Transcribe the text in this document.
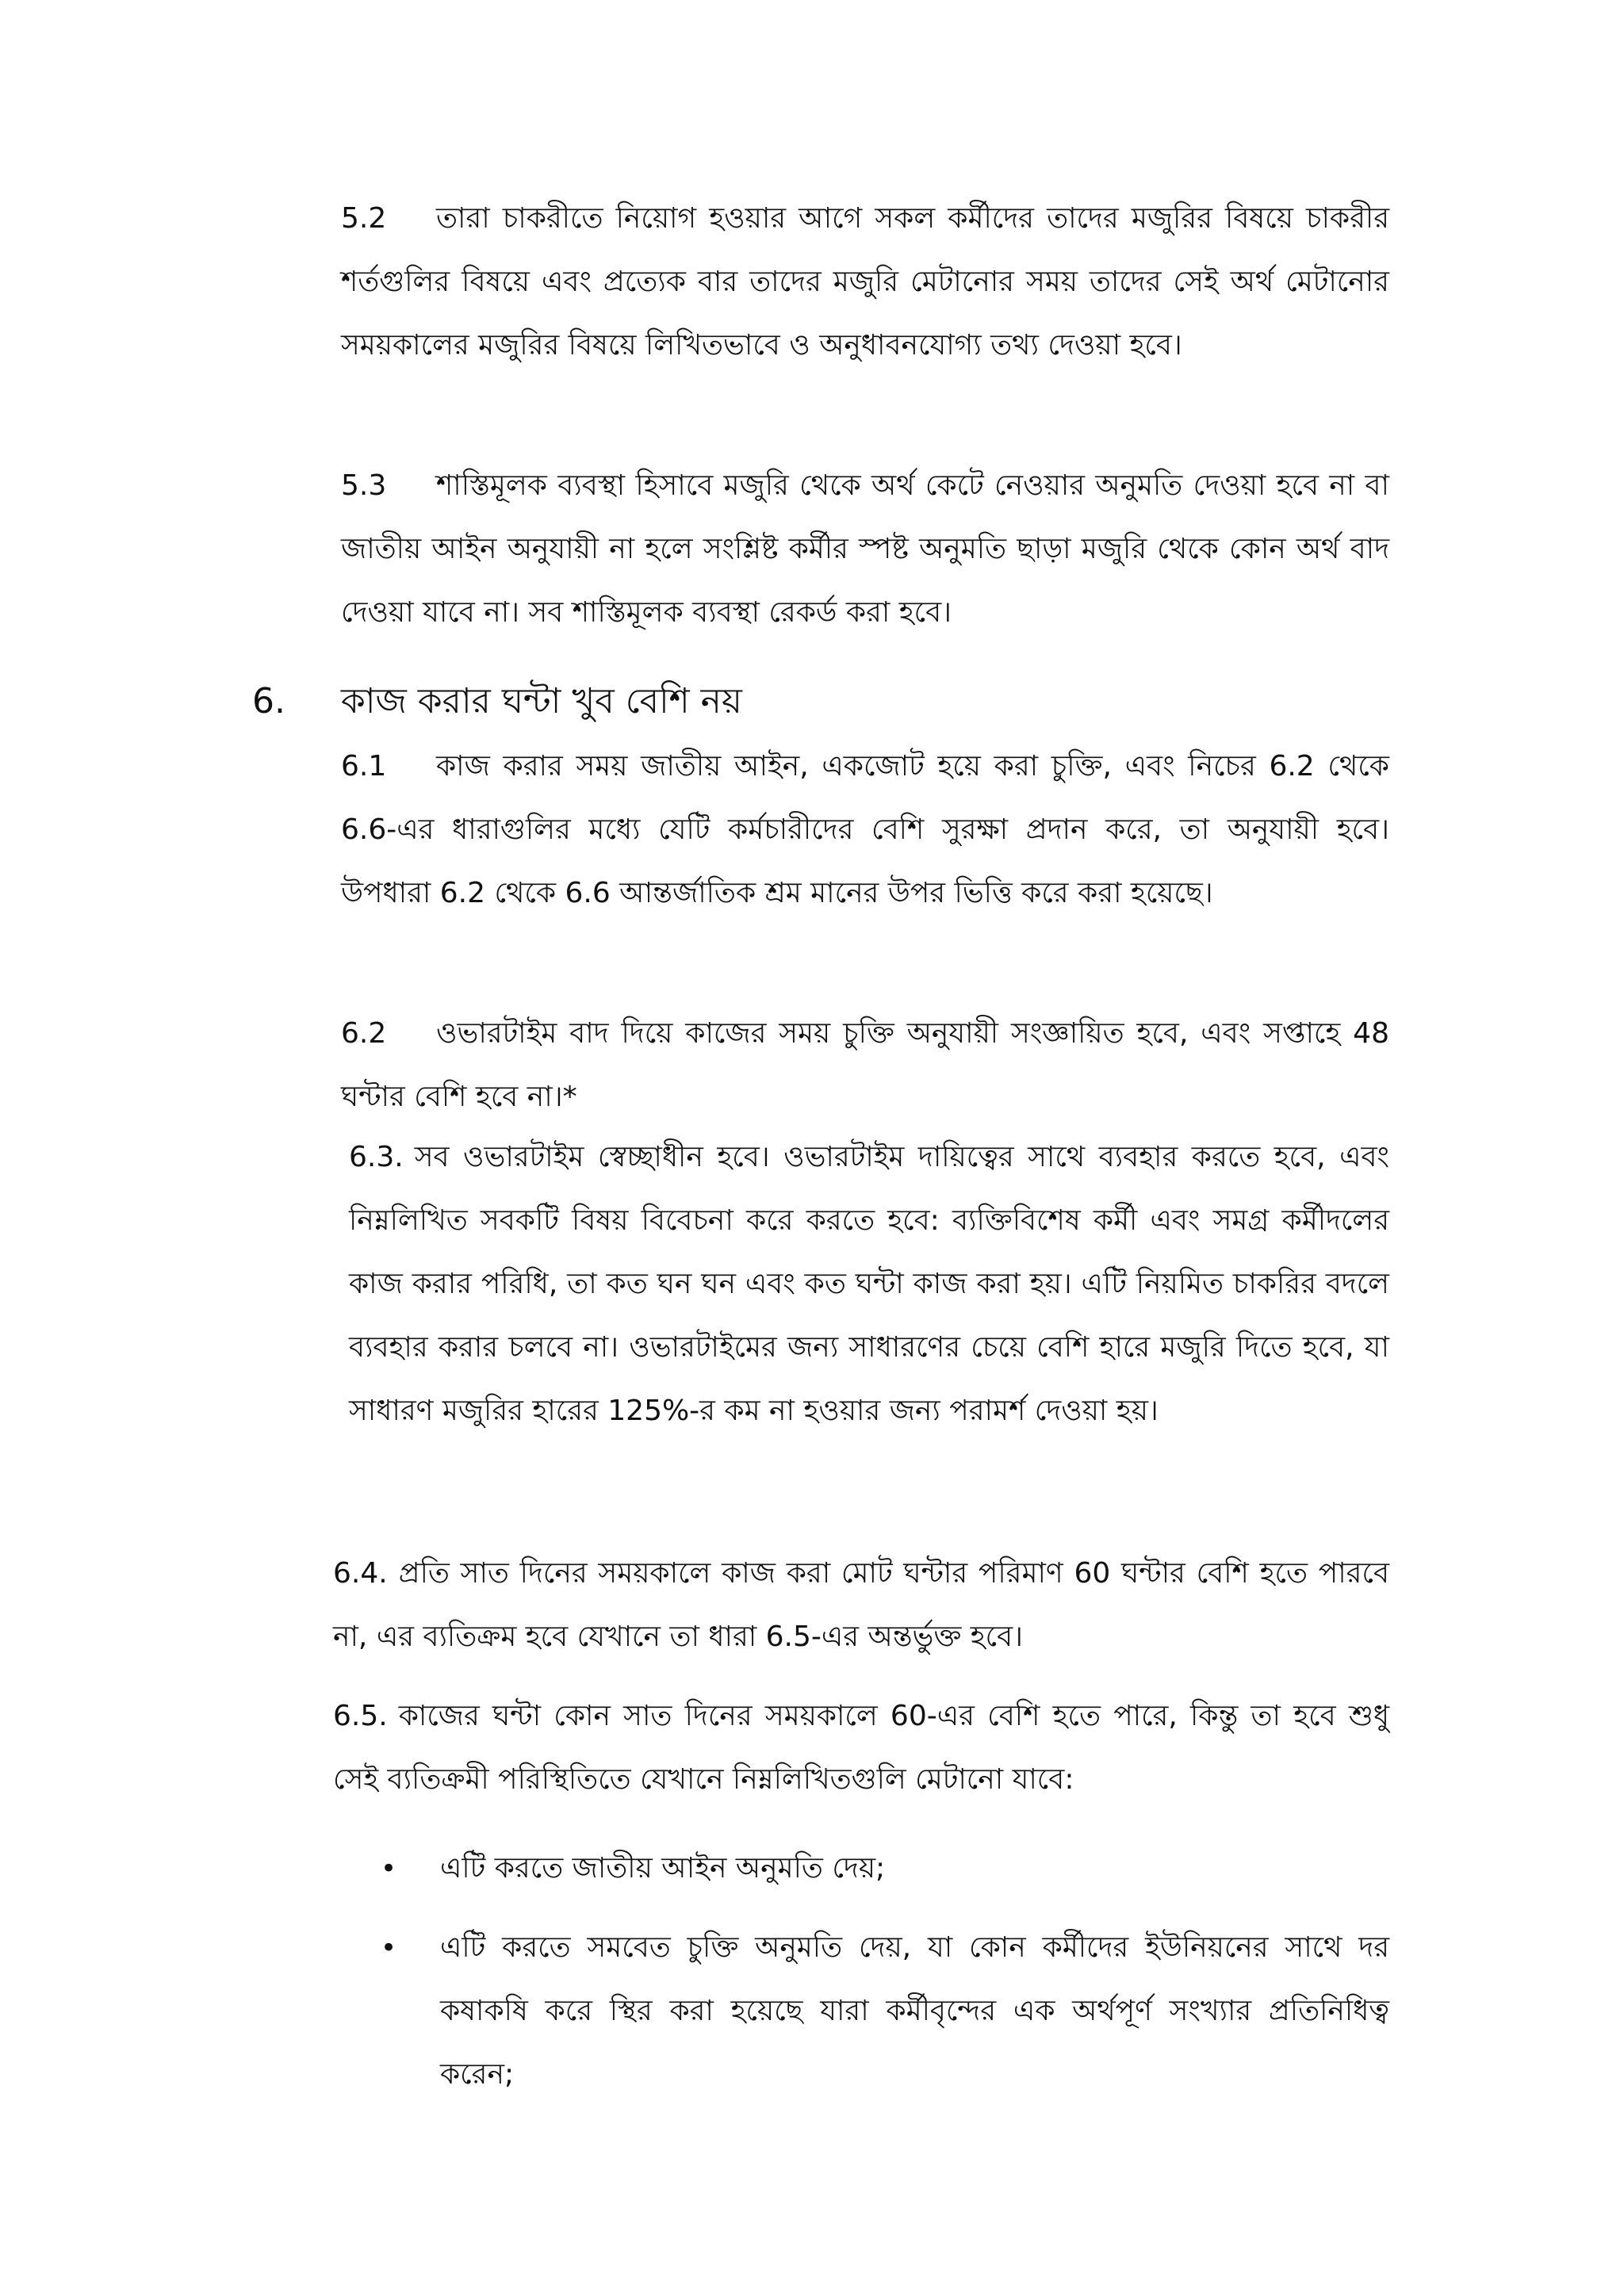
5.2 তারা চাকরীতে নিয়োগ হওয়ার আগে সকল কর্মীদের তাদের মজুরির বিষয়ে চাকরীর শর্তগুলির বিষয়ে এবং প্রত্যেক বার তাদের মজুরি মেটানোর সময় তাদের সেই অর্থ মেটানোর সময়কালের মজুরির বিষয়ে লিখিতভাবে ও অনুধাবনযোগ্য তথ্য দেওয়া হবে।
5.3 শাস্তিমূলক ব্যবস্থা হিসাবে মজুরি থেকে অর্থ কেটে নেওয়ার অনুমতি দেওয়া হবে না বা জাতীয় আইন অনুযায়ী না হলে সংশ্লিষ্ট কর্মীর স্পষ্ট অনুমতি ছাড়া মজুরি থেকে কোন অর্থ বাদ দেওয়া যাবে না। সব শাস্তিমূলক ব্যবস্থা রেকর্ড করা হবে।
6. কাজ করার ঘন্টা খুব বেশি নয়
6.1 কাজ করার সময় জাতীয় আইন, একজোট হয়ে করা চুক্তি, এবং নিচের 6.2 থেকে 6.6-এর ধারাগুলির মধ্যে যেটি কর্মচারীদের বেশি সুরক্ষা প্রদান করে, তা অনুযায়ী হবে। উপধারা 6.2 থেকে 6.6 আন্তর্জাতিক শ্রম মানের উপর ভিত্তি করে করা হয়েছে।
6.2 ওভারটাইম বাদ দিয়ে কাজের সময় চুক্তি অনুযায়ী সংজ্ঞায়িত হবে, এবং সপ্তাহে 48 ঘন্টার বেশি হবে না।*
6.3. সব ওভারটাইম স্বেচ্ছাধীন হবে। ওভারটাইম দায়িত্বের সাথে ব্যবহার করতে হবে, এবং নিম্নলিখিত সবকটি বিষয় বিবেচনা করে করতে হবে: ব্যক্তিবিশেষ কর্মী এবং সমগ্র কর্মীদলের কাজ করার পরিধি, তা কত ঘন ঘন এবং কত ঘন্টা কাজ করা হয়। এটি নিয়মিত চাকরির বদলে ব্যবহার করার চলবে না। ওভারটাইমের জন্য সাধারণের চেয়ে বেশি হারে মজুরি দিতে হবে, যা সাধারণ মজুরির হারের 125%-র কম না হওয়ার জন্য পরামর্শ দেওয়া হয়।
6.4. প্রতি সাত দিনের সময়কালে কাজ করা মোট ঘন্টার পরিমাণ 60 ঘন্টার বেশি হতে পারবে না, এর ব্যতিক্রম হবে যেখানে তা ধারা 6.5-এর অন্তর্ভুক্ত হবে।
6.5. কাজের ঘন্টা কোন সাত দিনের সময়কালে 60-এর বেশি হতে পারে, কিন্তু তা হবে শুধু সেই ব্যতিক্রমী পরিস্থিতিতে যেখানে নিম্নলিখিতগুলি মেটানো যাবে:
• এটি করতে জাতীয় আইন অনুমতি দেয়;
• এটি করতে সমবেত চুক্তি অনুমতি দেয়, যা কোন কর্মীদের ইউনিয়নের সাথে দর কষাকষি করে স্থির করা হয়েছে যারা কর্মীবৃন্দের এক অর্থপূর্ণ সংখ্যার প্রতিনিধিত্ব করেন;
